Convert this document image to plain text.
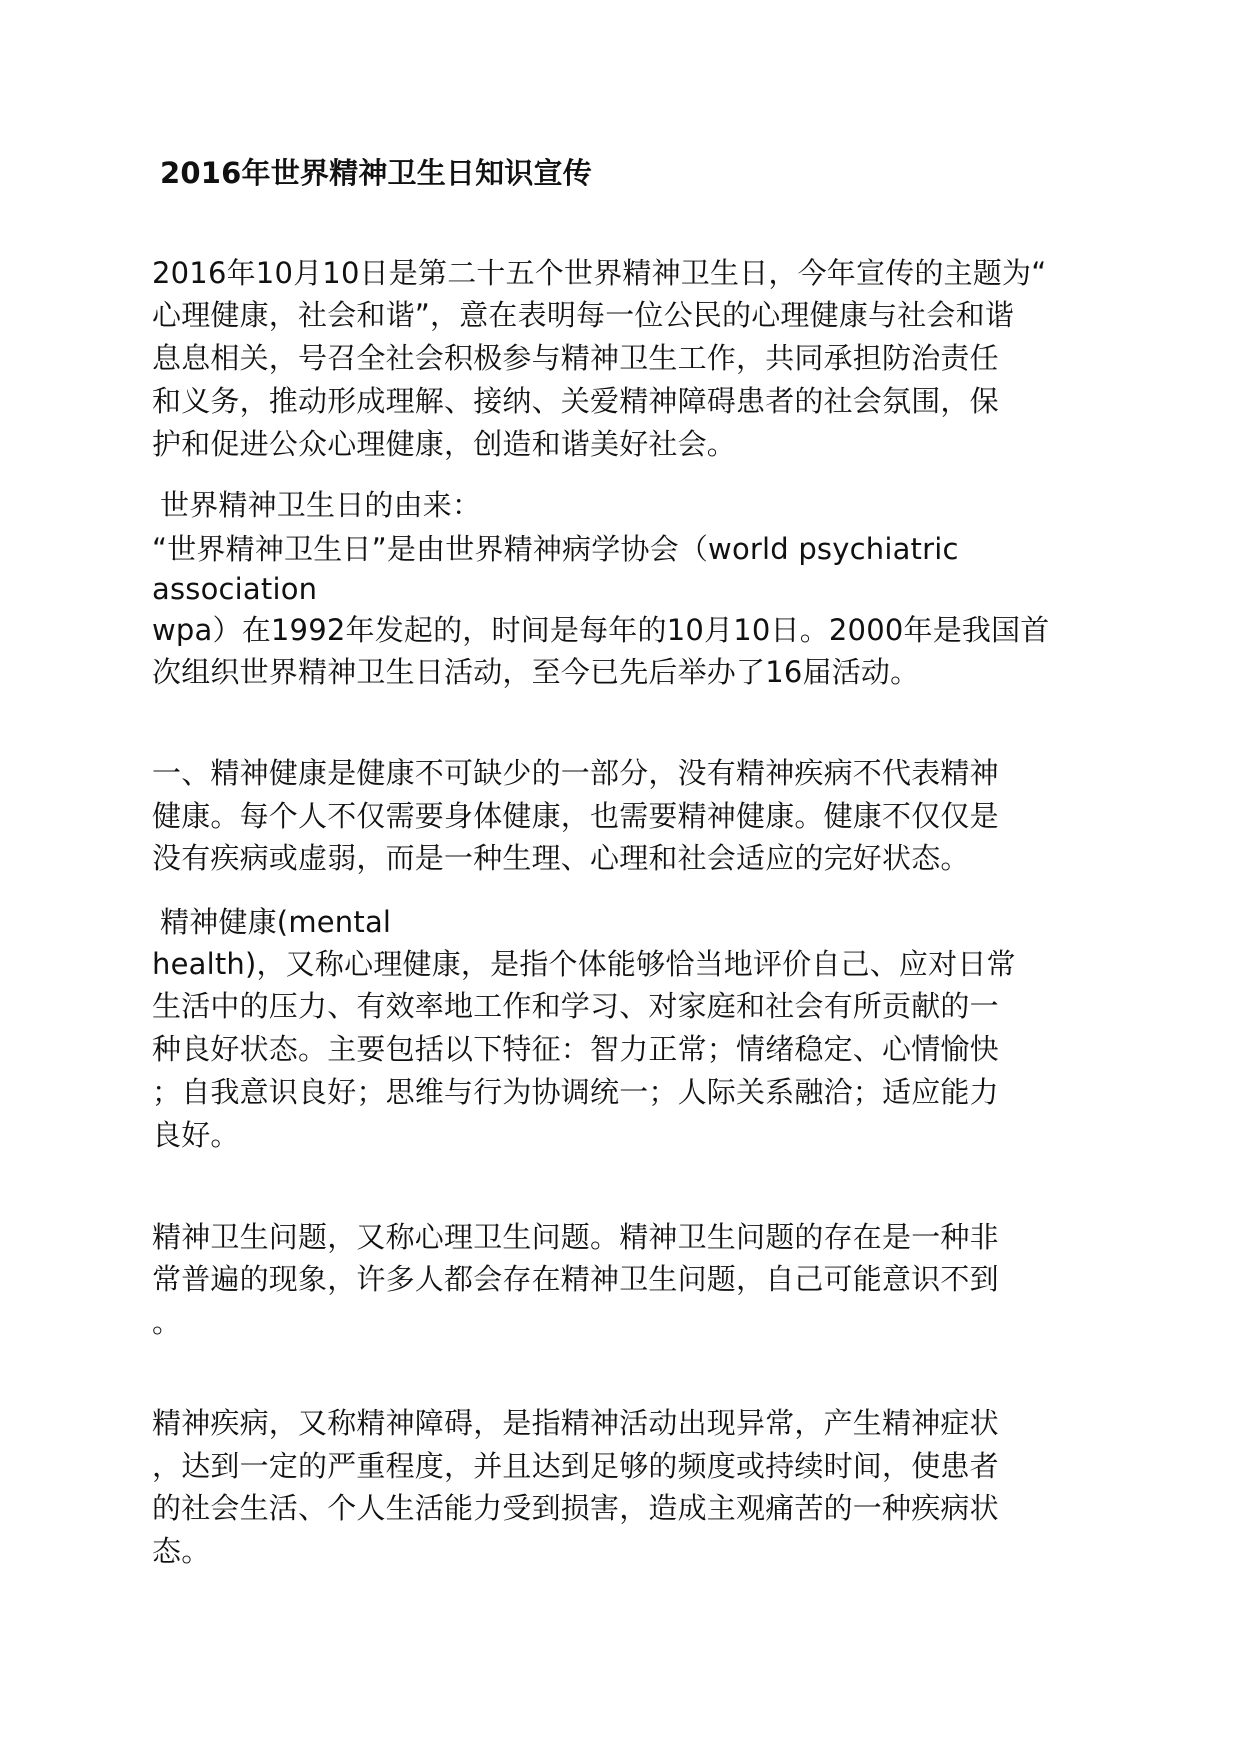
2016年世界精神卫生日知识宣传
2016年10月10日是第二十五个世界精神卫生日，今年宣传的主题为“
心理健康，社会和谐”，意在表明每一位公民的心理健康与社会和谐
息息相关，号召全社会积极参与精神卫生工作，共同承担防治责任
和义务，推动形成理解、接纳、关爱精神障碍患者的社会氛围，保
护和促进公众心理健康，创造和谐美好社会。
世界精神卫生日的由来：
“世界精神卫生日”是由世界精神病学协会（world psychiatric
association
wpa）在1992年发起的，时间是每年的10月10日。2000年是我国首
次组织世界精神卫生日活动，至今已先后举办了16届活动。
一、精神健康是健康不可缺少的一部分，没有精神疾病不代表精神
健康。每个人不仅需要身体健康，也需要精神健康。健康不仅仅是
没有疾病或虚弱，而是一种生理、心理和社会适应的完好状态。
精神健康(mental
health)，又称心理健康，是指个体能够恰当地评价自己、应对日常
生活中的压力、有效率地工作和学习、对家庭和社会有所贡献的一
种良好状态。主要包括以下特征：智力正常；情绪稳定、心情愉快
；自我意识良好；思维与行为协调统一；人际关系融洽；适应能力
良好。
精神卫生问题，又称心理卫生问题。精神卫生问题的存在是一种非
常普遍的现象，许多人都会存在精神卫生问题，自己可能意识不到
。
精神疾病，又称精神障碍，是指精神活动出现异常，产生精神症状
，达到一定的严重程度，并且达到足够的频度或持续时间，使患者
的社会生活、个人生活能力受到损害，造成主观痛苦的一种疾病状
态。
